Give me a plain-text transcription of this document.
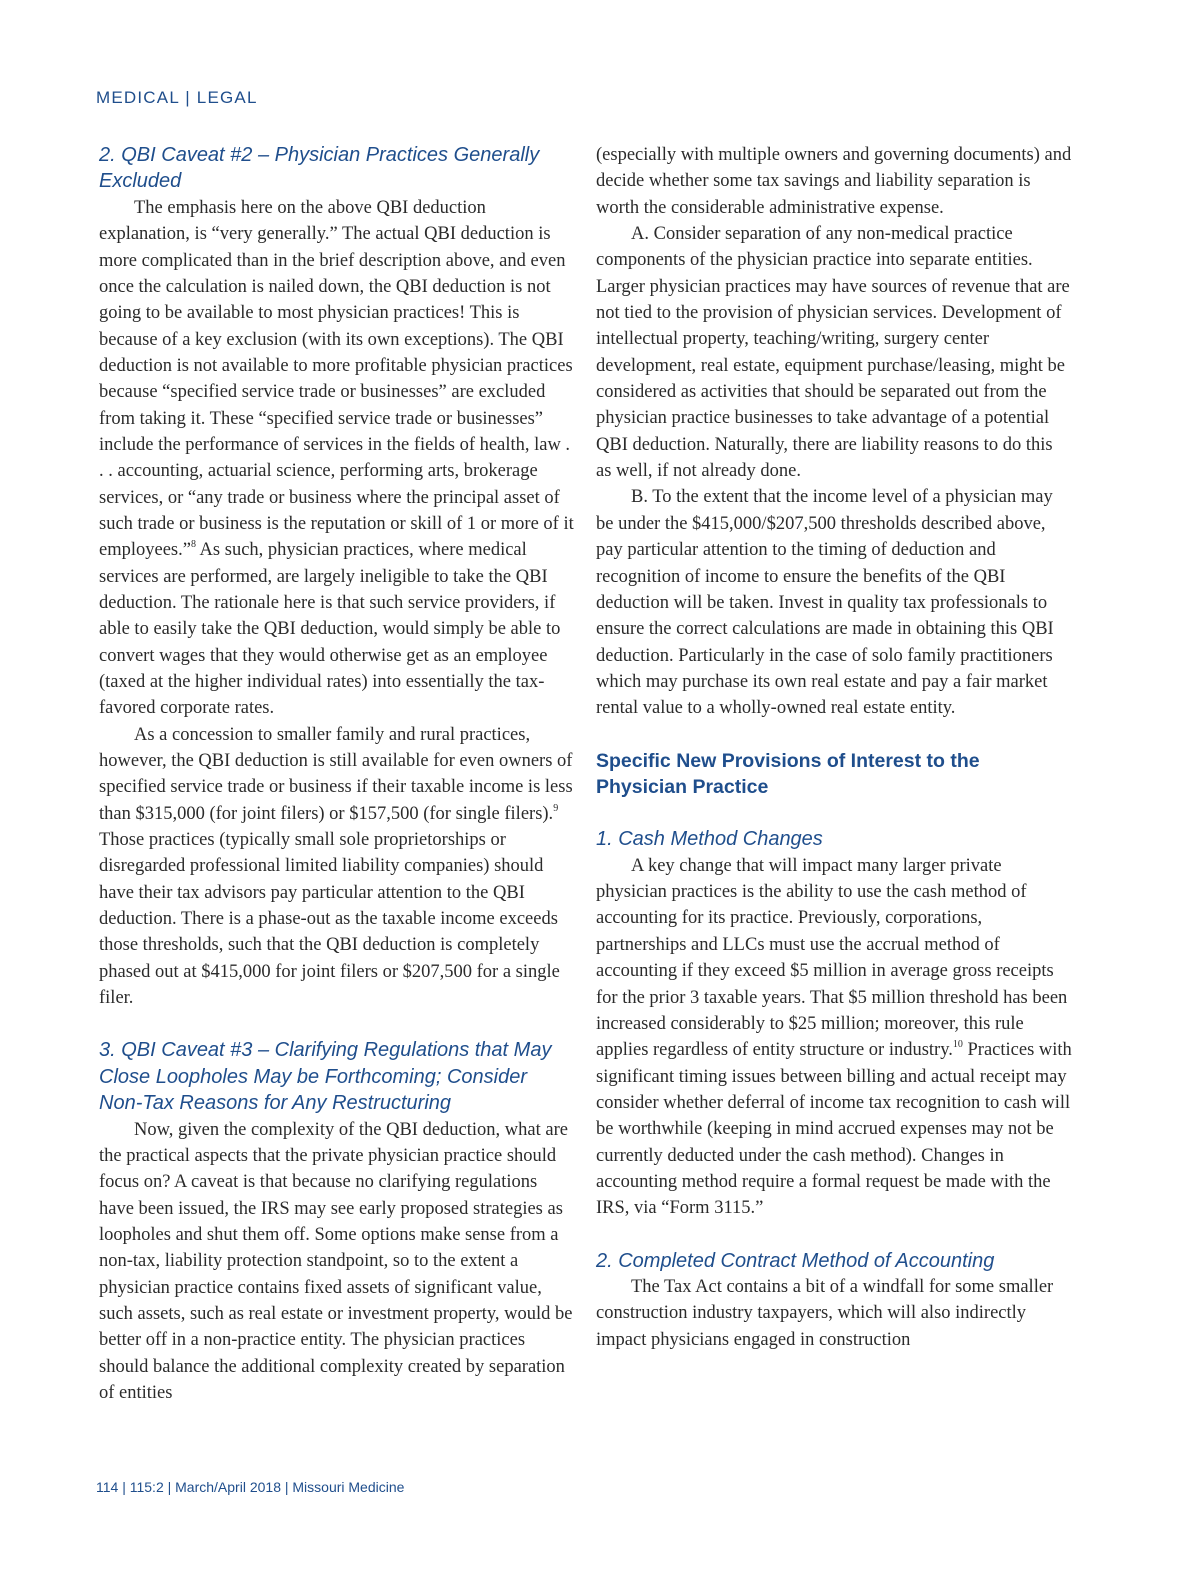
MEDICAL | LEGAL
2. QBI Caveat #2 – Physician Practices Generally Excluded

The emphasis here on the above QBI deduction explanation, is “very generally.” The actual QBI deduction is more complicated than in the brief description above, and even once the calculation is nailed down, the QBI deduction is not going to be available to most physician practices! This is because of a key exclusion (with its own exceptions). The QBI deduction is not available to more profitable physician practices because “specified service trade or businesses” are excluded from taking it. These “specified service trade or businesses” include the performance of services in the fields of health, law . . . accounting, actuarial science, performing arts, brokerage services, or “any trade or business where the principal asset of such trade or business is the reputation or skill of 1 or more of it employees.”$^8$ As such, physician practices, where medical services are performed, are largely ineligible to take the QBI deduction. The rationale here is that such service providers, if able to easily take the QBI deduction, would simply be able to convert wages that they would otherwise get as an employee (taxed at the higher individual rates) into essentially the tax-favored corporate rates.

As a concession to smaller family and rural practices, however, the QBI deduction is still available for even owners of specified service trade or business if their taxable income is less than $315,000 (for joint filers) or $157,500 (for single filers).$^9$ Those practices (typically small sole proprietorships or disregarded professional limited liability companies) should have their tax advisors pay particular attention to the QBI deduction. There is a phase-out as the taxable income exceeds those thresholds, such that the QBI deduction is completely phased out at $415,000 for joint filers or $207,500 for a single filer.

3. QBI Caveat #3 – Clarifying Regulations that May Close Loopholes May be Forthcoming; Consider Non-Tax Reasons for Any Restructuring

Now, given the complexity of the QBI deduction, what are the practical aspects that the private physician practice should focus on? A caveat is that because no clarifying regulations have been issued, the IRS may see early proposed strategies as loopholes and shut them off. Some options make sense from a non-tax, liability protection standpoint, so to the extent a physician practice contains fixed assets of significant value, such assets, such as real estate or investment property, would be better off in a non-practice entity. The physician practices should balance the additional complexity created by separation of entities

(especially with multiple owners and governing documents) and decide whether some tax savings and liability separation is worth the considerable administrative expense.

A. Consider separation of any non-medical practice components of the physician practice into separate entities. Larger physician practices may have sources of revenue that are not tied to the provision of physician services. Development of intellectual property, teaching/writing, surgery center development, real estate, equipment purchase/leasing, might be considered as activities that should be separated out from the physician practice businesses to take advantage of a potential QBI deduction. Naturally, there are liability reasons to do this as well, if not already done.

B. To the extent that the income level of a physician may be under the $415,000/$207,500 thresholds described above, pay particular attention to the timing of deduction and recognition of income to ensure the benefits of the QBI deduction will be taken. Invest in quality tax professionals to ensure the correct calculations are made in obtaining this QBI deduction. Particularly in the case of solo family practitioners which may purchase its own real estate and pay a fair market rental value to a wholly-owned real estate entity.

Specific New Provisions of Interest to the Physician Practice
1. Cash Method Changes

A key change that will impact many larger private physician practices is the ability to use the cash method of accounting for its practice. Previously, corporations, partnerships and LLCs must use the accrual method of accounting if they exceed $5 million in average gross receipts for the prior 3 taxable years. That $5 million threshold has been increased considerably to $25 million; moreover, this rule applies regardless of entity structure or industry.$^{10}$ Practices with significant timing issues between billing and actual receipt may consider whether deferral of income tax recognition to cash will be worthwhile (keeping in mind accrued expenses may not be currently deducted under the cash method). Changes in accounting method require a formal request be made with the IRS, via “Form 3115.”

2. Completed Contract Method of Accounting

The Tax Act contains a bit of a windfall for some smaller construction industry taxpayers, which will also indirectly impact physicians engaged in construction

114 | 115:2 | March/April 2018 | Missouri Medicine
